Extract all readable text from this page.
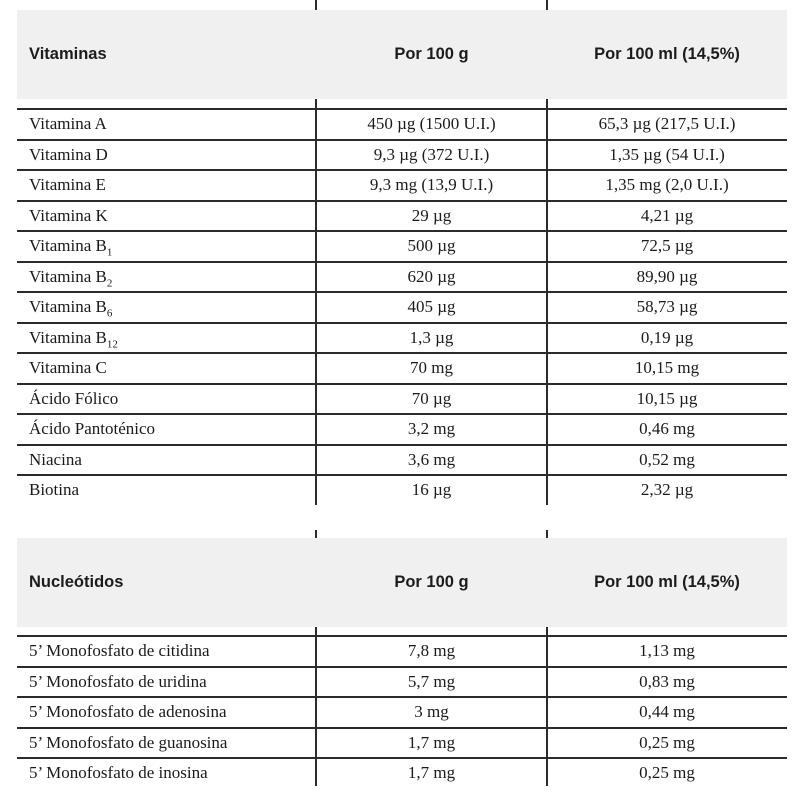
Vitaminas	Por 100 g	Por 100 ml (14,5%)
Vitamina A	450 µg (1500 U.I.)	65,3 µg (217,5 U.I.)
Vitamina D	9,3 µg (372 U.I.)	1,35 µg (54 U.I.)
Vitamina E	9,3 mg (13,9 U.I.)	1,35 mg (2,0 U.I.)
Vitamina K	29 µg	4,21 µg
Vitamina $B_1$	500 µg	72,5 µg
Vitamina $B_2$	620 µg	89,90 µg
Vitamina $B_6$	405 µg	58,73 µg
Vitamina $B_{12}$	1,3 µg	0,19 µg
Vitamina C	70 mg	10,15 mg
Ácido Fólico	70 µg	10,15 µg
Ácido Pantoténico	3,2 mg	0,46 mg
Niacina	3,6 mg	0,52 mg
Biotina	16 µg	2,32 µg
Nucleótidos	Por 100 g	Por 100 ml (14,5%)
5’ Monofosfato de citidina	7,8 mg	1,13 mg
5’ Monofosfato de uridina	5,7 mg	0,83 mg
5’ Monofosfato de adenosina	3 mg	0,44 mg
5’ Monofosfato de guanosina	1,7 mg	0,25 mg
5’ Monofosfato de inosina	1,7 mg	0,25 mg
